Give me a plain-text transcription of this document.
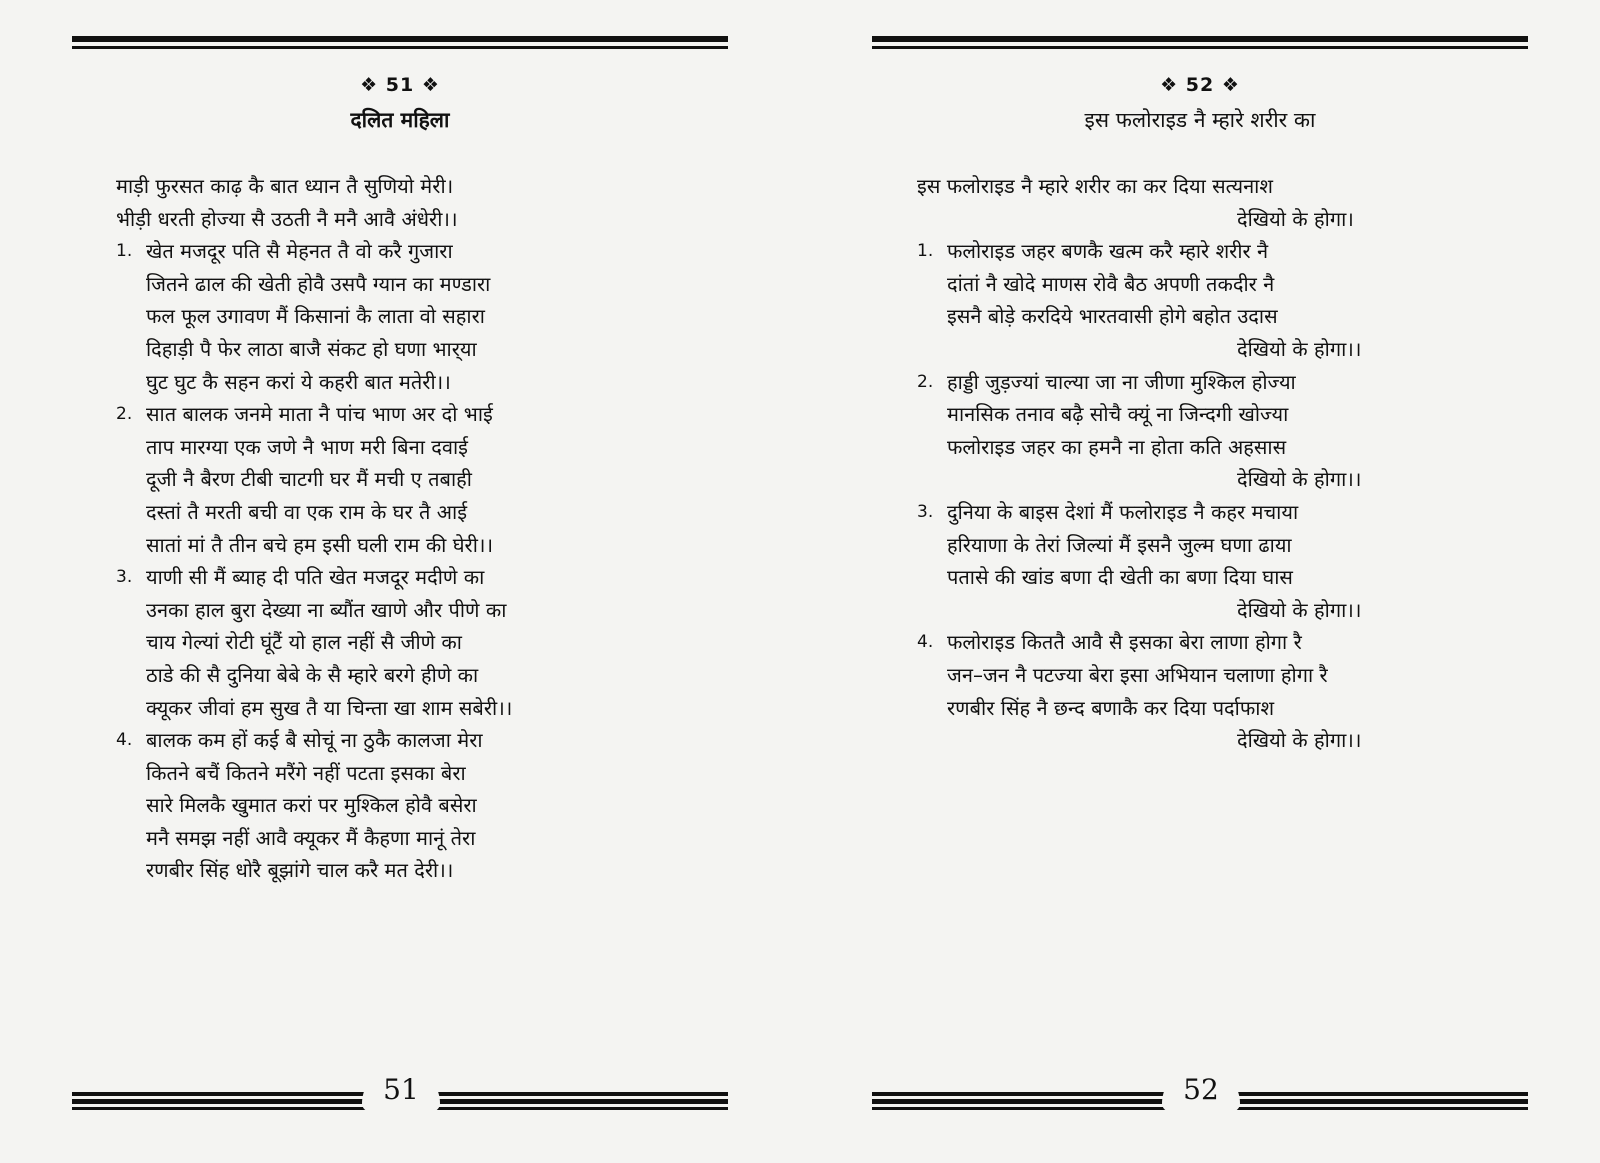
❖ 51 ❖
दलित महिला
माड़ी फुरसत काढ़ कै बात ध्यान तै सुणियो मेरी।
भीड़ी धरती होज्या सै उठती नै मनै आवै अंधेरी।।
1. खेत मजदूर पति सै मेहनत तै वो करै गुजारा
जितने ढाल की खेती होवै उसपै ग्यान का मण्डारा
फल फूल उगावण मैं किसानां कै लाता वो सहारा
दिहाड़ी पै फेर लाठा बाजै संकट हो घणा भार्‌या
घुट घुट कै सहन करां ये कहरी बात मतेरी।।
2. सात बालक जनमे माता नै पांच भाण अर दो भाई
ताप मारग्या एक जणे नै भाण मरी बिना दवाई
दूजी नै बैरण टीबी चाटगी घर मैं मची ए तबाही
दस्तां तै मरती बची वा एक राम के घर तै आई
सातां मां तै तीन बचे हम इसी घली राम की घेरी।।
3. याणी सी मैं ब्याह दी पति खेत मजदूर मदीणे का
उनका हाल बुरा देख्या ना ब्यौंत खाणे और पीणे का
चाय गेल्यां रोटी घूंटैं यो हाल नहीं सै जीणे का
ठाडे की सै दुनिया बेबे के सै म्हारे बरगे हीणे का
क्यूकर जीवां हम सुख तै या चिन्ता खा शाम सबेरी।।
4. बालक कम हों कई बै सोचूं ना ठुकै कालजा मेरा
कितने बचैं कितने मरैंगे नहीं पटता इसका बेरा
सारे मिलकै खुमात करां पर मुश्किल होवै बसेरा
मनै समझ नहीं आवै क्यूकर मैं कैहणा मानूं तेरा
रणबीर सिंह धोरै बूझांगे चाल करै मत देरी।।
51
❖ 52 ❖
इस फलोराइड नै म्हारे शरीर का
इस फलोराइड नै म्हारे शरीर का कर दिया सत्यनाश
देखियो के होगा।
1. फलोराइड जहर बणकै खत्म करै म्हारे शरीर नै
दांतां नै खोदे माणस रोवै बैठ अपणी तकदीर नै
इसनै बोड़े करदिये भारतवासी होगे बहोत उदास
देखियो के होगा।।
2. हाड्डी जुड़ज्यां चाल्या जा ना जीणा मुश्किल होज्या
मानसिक तनाव बढ़ै सोचै क्यूं ना जिन्दगी खोज्या
फलोराइड जहर का हमनै ना होता कति अहसास
देखियो के होगा।।
3. दुनिया के बाइस देशां मैं फलोराइड नै कहर मचाया
हरियाणा के तेरां जिल्यां मैं इसनै जुल्म घणा ढाया
पतासे की खांड बणा दी खेती का बणा दिया घास
देखियो के होगा।।
4. फलोराइड किततै आवै सै इसका बेरा लाणा होगा रै
जन–जन नै पटज्या बेरा इसा अभियान चलाणा होगा रै
रणबीर सिंह नै छन्द बणाकै कर दिया पर्दाफाश
देखियो के होगा।।
52
